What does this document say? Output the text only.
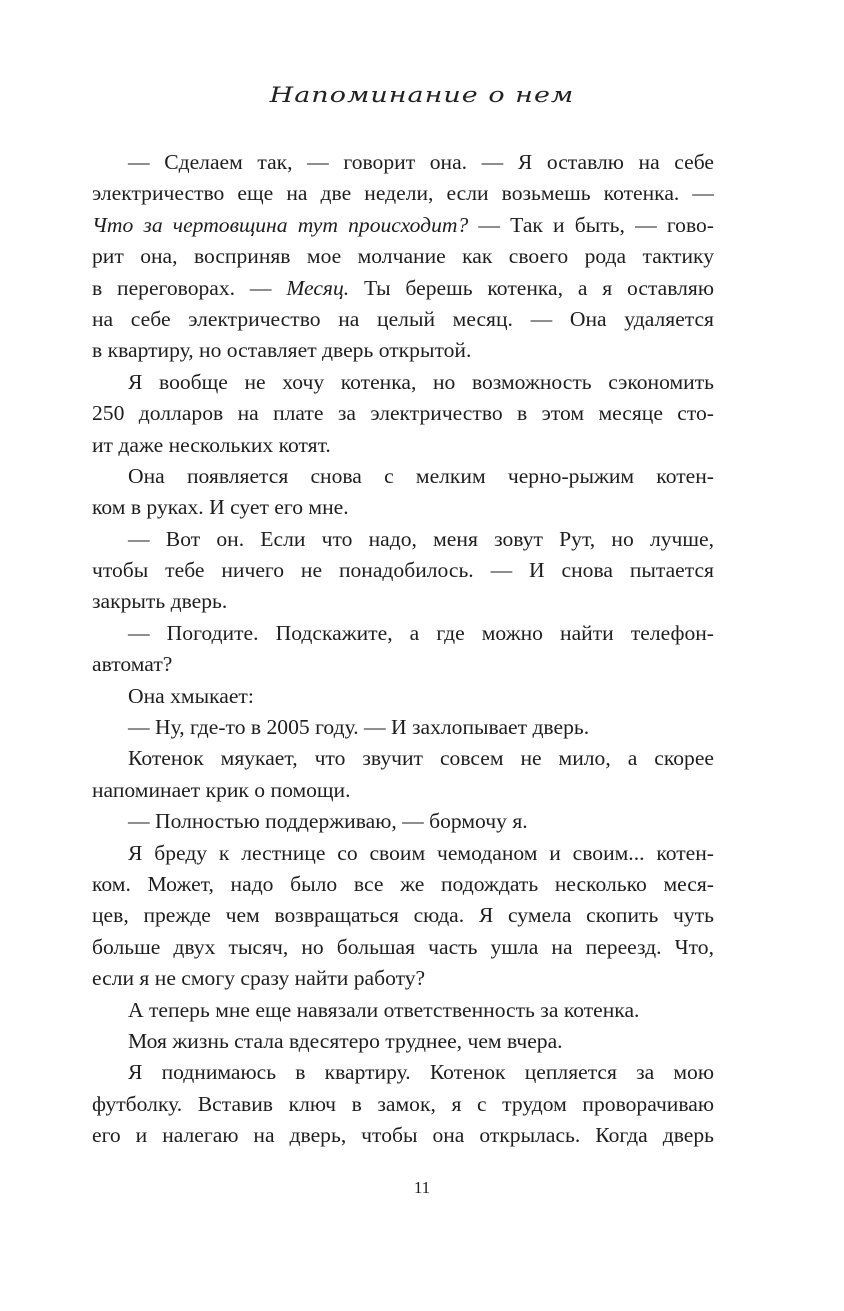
Напоминание о нем

— Сделаем так, — говорит она. — Я оставлю на себе

электричество еще на две недели, если возьмешь котенка. —

Что за чертовщина тут происходит? — Так и быть, — гово-

рит она, восприняв мое молчание как своего рода тактику

в переговорах. — Месяц. Ты берешь котенка, а я оставляю

на себе электричество на целый месяц. — Она удаляется

в квартиру, но оставляет дверь открытой.

Я вообще не хочу котенка, но возможность сэкономить

250 долларов на плате за электричество в этом месяце сто-

ит даже нескольких котят.

Она появляется снова с мелким черно-рыжим котен-

ком в руках. И сует его мне.

— Вот он. Если что надо, меня зовут Рут, но лучше,

чтобы тебе ничего не понадобилось. — И снова пытается

закрыть дверь.

— Погодите. Подскажите, а где можно найти телефон-

автомат?

Она хмыкает:

— Ну, где-то в 2005 году. — И захлопывает дверь.

Котенок мяукает, что звучит совсем не мило, а скорее

напоминает крик о помощи.

— Полностью поддерживаю, — бормочу я.

Я бреду к лестнице со своим чемоданом и своим... котен-

ком. Может, надо было все же подождать несколько меся-

цев, прежде чем возвращаться сюда. Я сумела скопить чуть

больше двух тысяч, но большая часть ушла на переезд. Что,

если я не смогу сразу найти работу?

А теперь мне еще навязали ответственность за котенка.

Моя жизнь стала вдесятеро труднее, чем вчера.

Я поднимаюсь в квартиру. Котенок цепляется за мою

футболку. Вставив ключ в замок, я с трудом проворачиваю

его и налегаю на дверь, чтобы она открылась. Когда дверь

11
